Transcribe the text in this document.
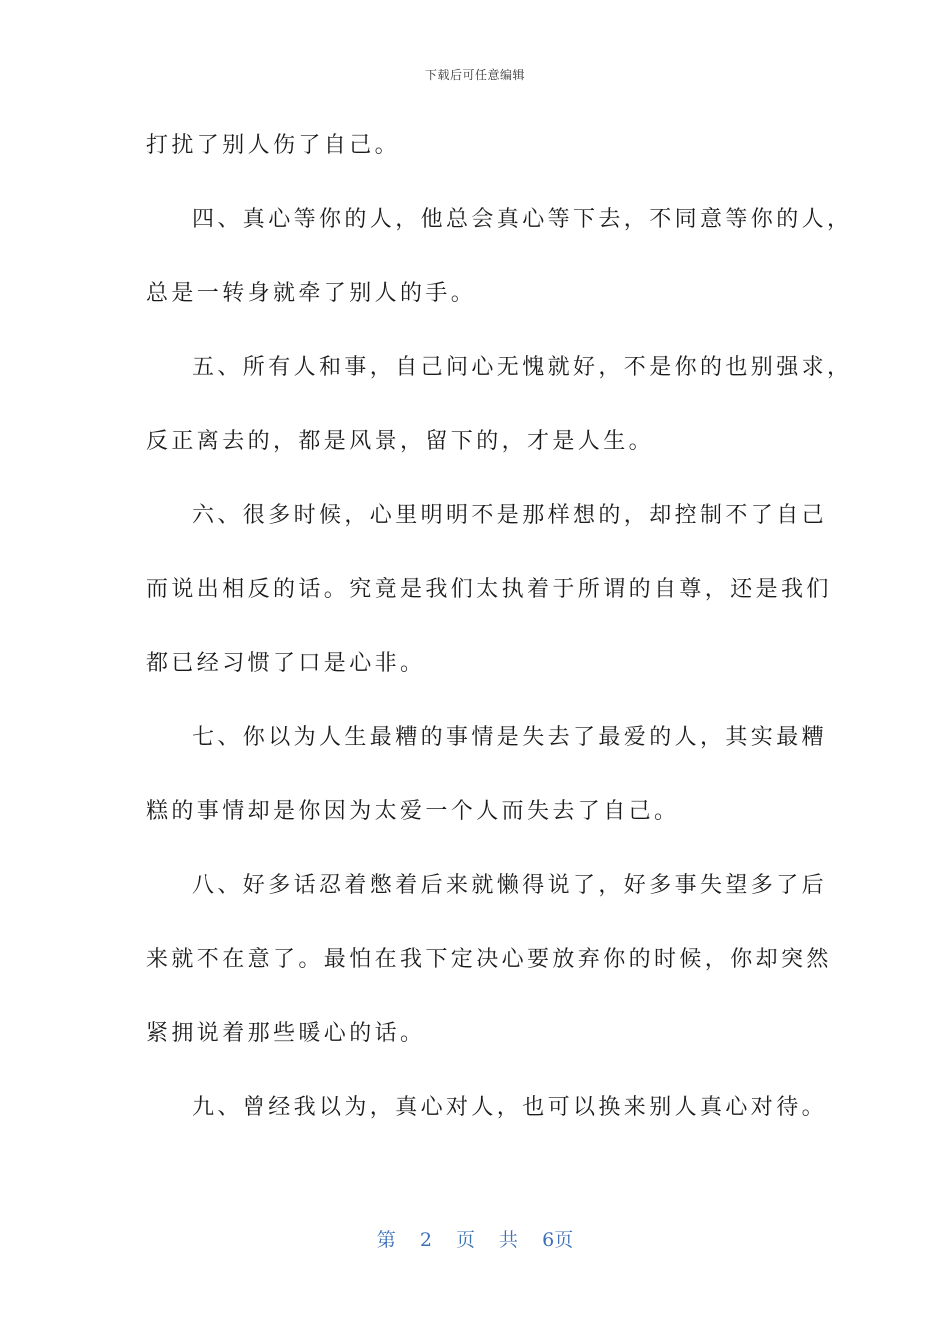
下载后可任意编辑
打扰了别人伤了自己。
四、真心等你的人，他总会真心等下去，不同意等你的人，
总是一转身就牵了别人的手。
五、所有人和事，自己问心无愧就好，不是你的也别强求，
反正离去的，都是风景，留下的，才是人生。
六、很多时候，心里明明不是那样想的，却控制不了自己
而说出相反的话。究竟是我们太执着于所谓的自尊，还是我们
都已经习惯了口是心非。
七、你以为人生最糟的事情是失去了最爱的人，其实最糟
糕的事情却是你因为太爱一个人而失去了自己。
八、好多话忍着憋着后来就懒得说了，好多事失望多了后
来就不在意了。最怕在我下定决心要放弃你的时候，你却突然
紧拥说着那些暖心的话。
九、曾经我以为，真心对人，也可以换来别人真心对待。
第 2 页 共 6页
